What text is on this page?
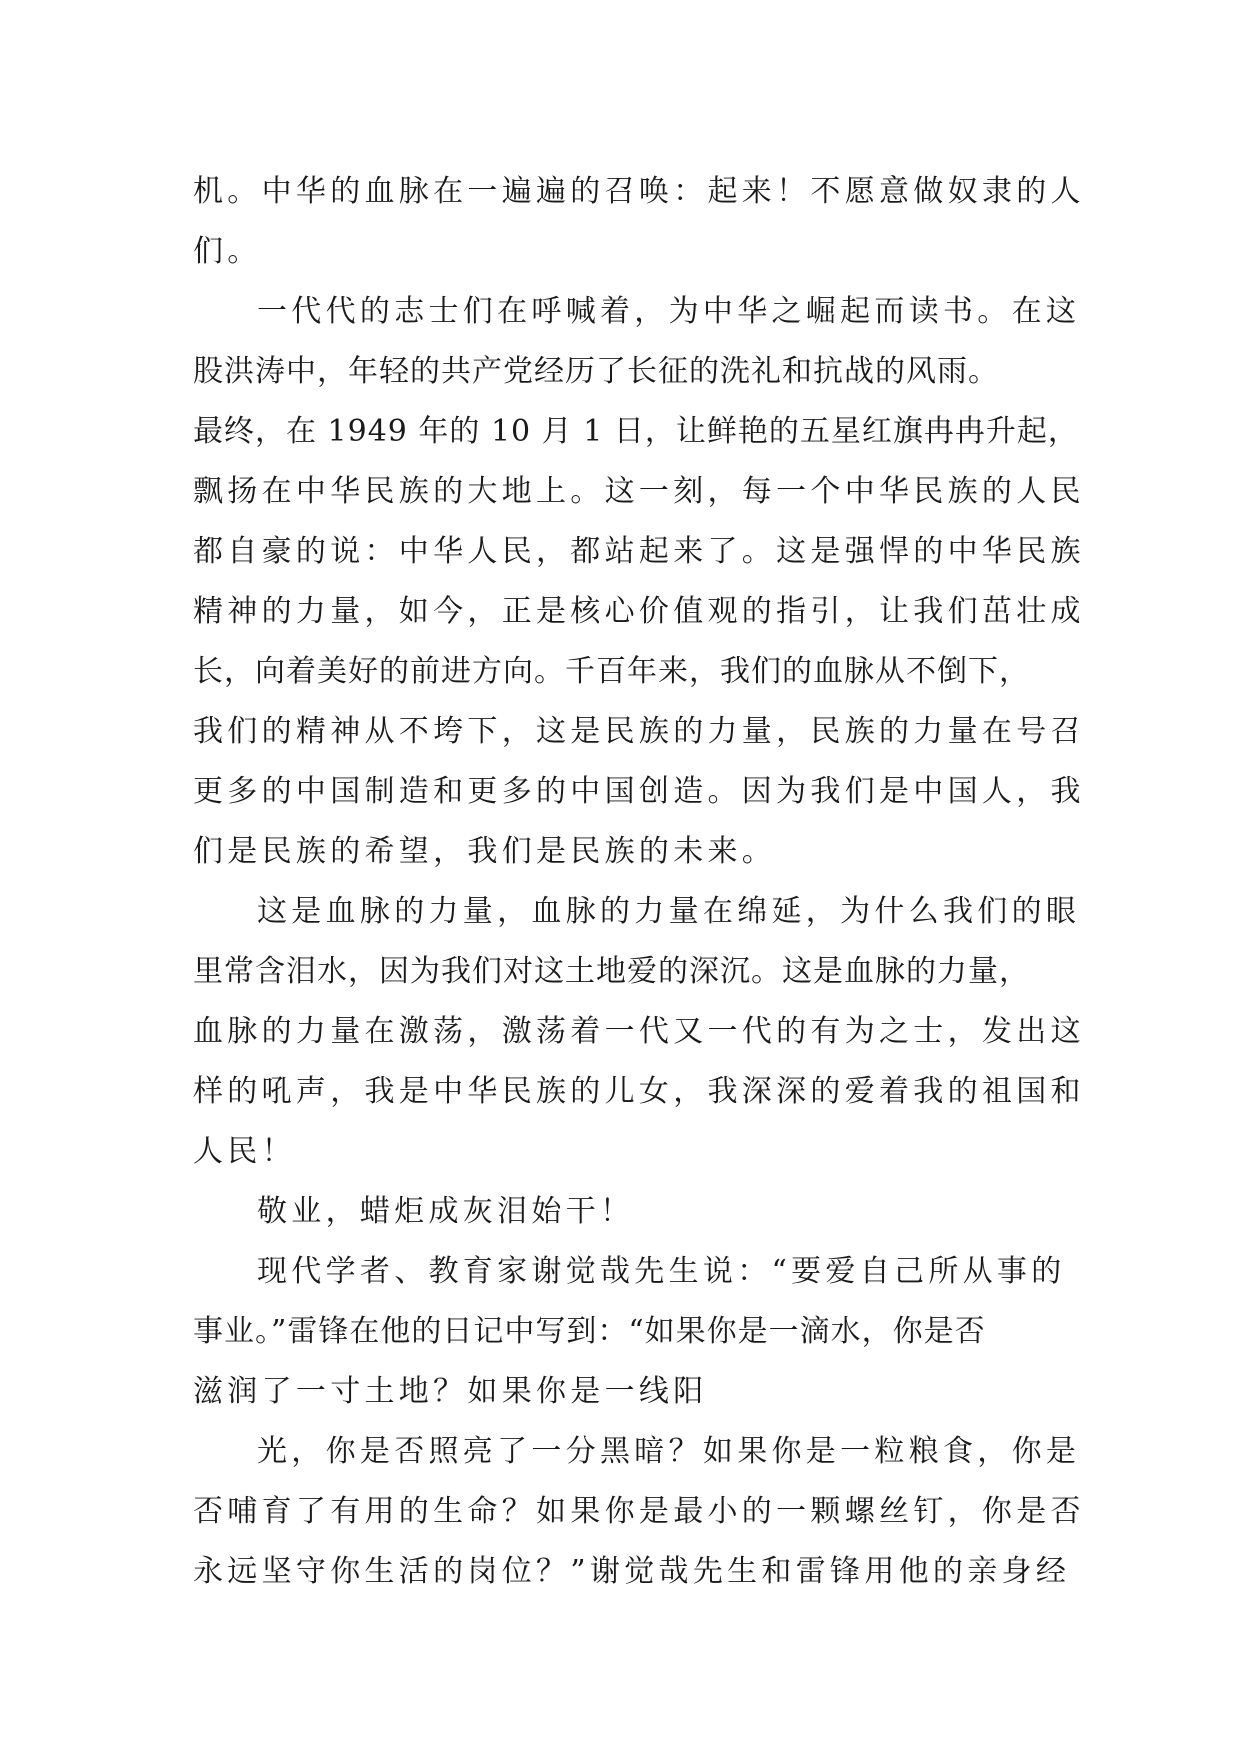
机。中华的血脉在一遍遍的召唤：起来！不愿意做奴隶的人
们。
一代代的志士们在呼喊着，为中华之崛起而读书。在这
股洪涛中，年轻的共产党经历了长征的洗礼和抗战的风雨。
最终，在 1949 年的 10 月 1 日，让鲜艳的五星红旗冉冉升起，
飘扬在中华民族的大地上。这一刻，每一个中华民族的人民
都自豪的说：中华人民，都站起来了。这是强悍的中华民族
精神的力量，如今，正是核心价值观的指引，让我们茁壮成
长，向着美好的前进方向。千百年来，我们的血脉从不倒下，
我们的精神从不垮下，这是民族的力量，民族的力量在号召
更多的中国制造和更多的中国创造。因为我们是中国人，我
们是民族的希望，我们是民族的未来。
这是血脉的力量，血脉的力量在绵延，为什么我们的眼
里常含泪水，因为我们对这土地爱的深沉。这是血脉的力量，
血脉的力量在激荡，激荡着一代又一代的有为之士，发出这
样的吼声，我是中华民族的儿女，我深深的爱着我的祖国和
人民！
敬业，蜡炬成灰泪始干！
现代学者、教育家谢觉哉先生说：“要爱自己所从事的
事业。”雷锋在他的日记中写到：“如果你是一滴水，你是否
滋润了一寸土地？如果你是一线阳
光，你是否照亮了一分黑暗？如果你是一粒粮食，你是
否哺育了有用的生命？如果你是最小的一颗螺丝钉，你是否
永远坚守你生活的岗位？”谢觉哉先生和雷锋用他的亲身经
